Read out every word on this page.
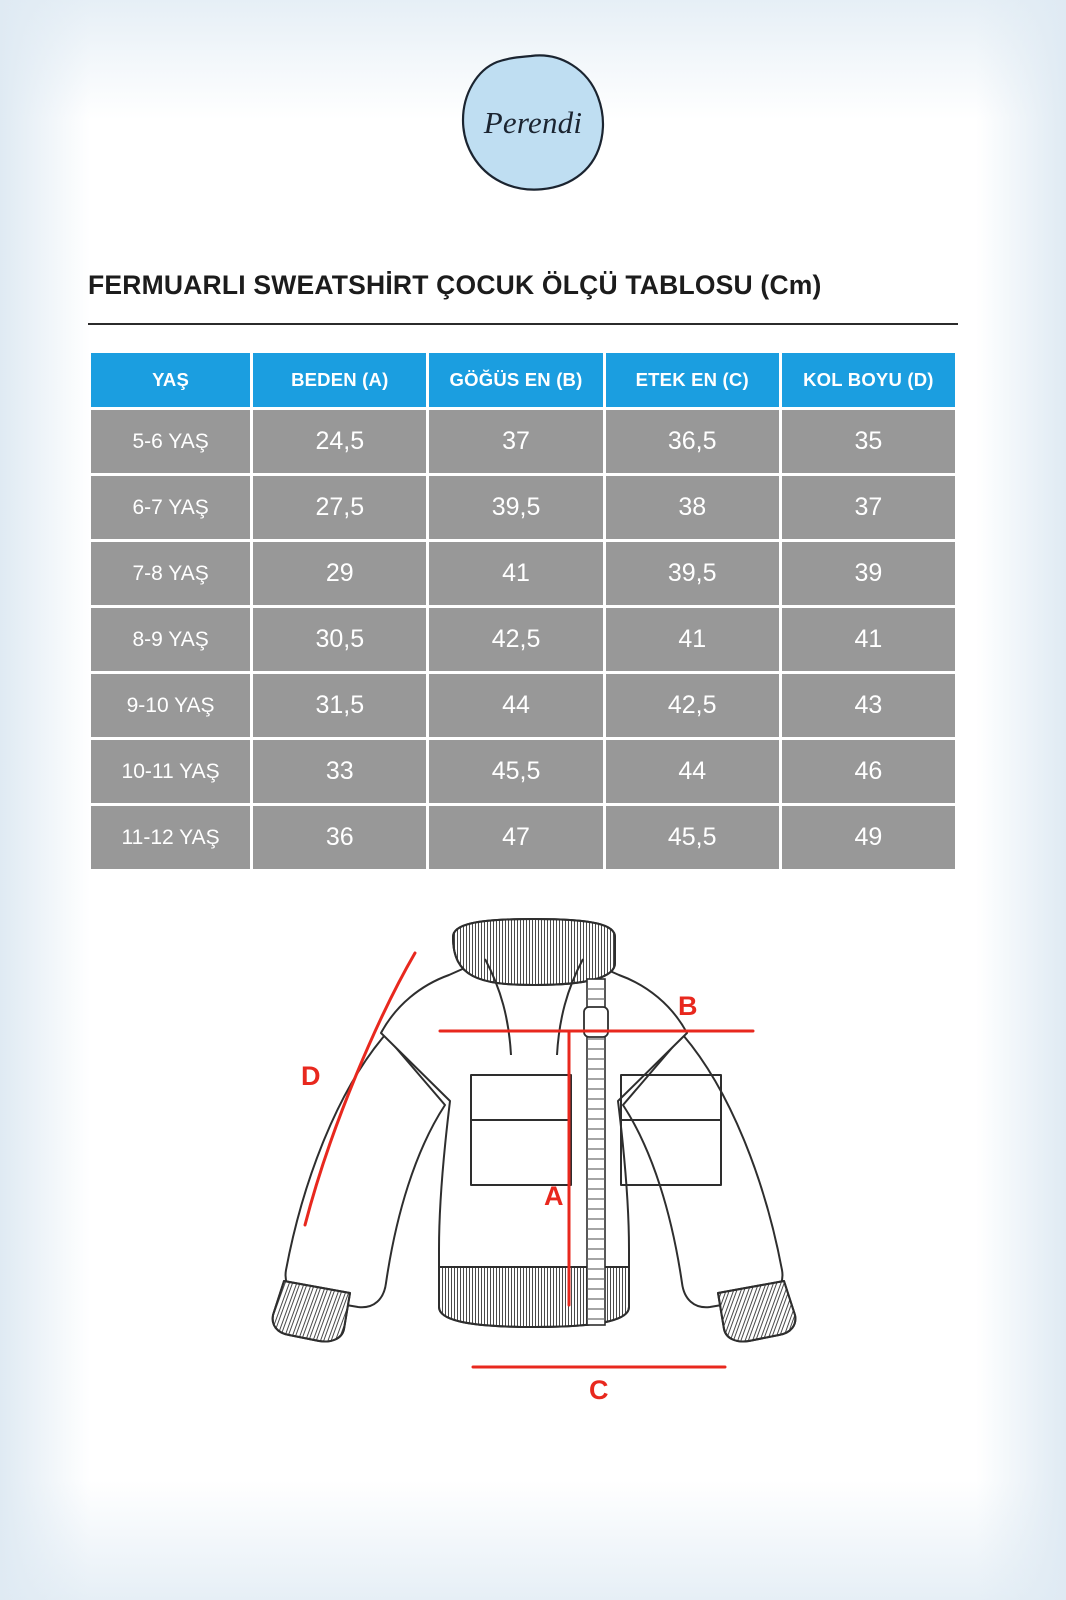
Perendi
FERMUARLI SWEATSHİRT ÇOCUK ÖLÇÜ TABLOSU (Cm)
YAŞ	BEDEN (A)	GÖĞÜS EN (B)	ETEK EN (C)	KOL BOYU (D)
5-6 YAŞ	24,5	37	36,5	35
6-7 YAŞ	27,5	39,5	38	37
7-8 YAŞ	29	41	39,5	39
8-9 YAŞ	30,5	42,5	41	41
9-10 YAŞ	31,5	44	42,5	43
10-11 YAŞ	33	45,5	44	46
11-12 YAŞ	36	47	45,5	49
B
A
C
D
